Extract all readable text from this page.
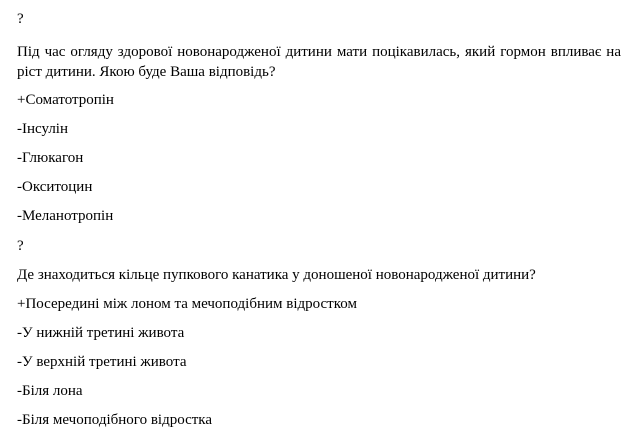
?
Під час огляду здорової новонародженої дитини мати поцікавилась, який гормон впливає на ріст дитини. Якою буде Ваша відповідь?
+Соматотропін
-Інсулін
-Глюкагон
-Окситоцин
-Меланотропін
?
Де знаходиться кільце пупкового канатика у доношеної новонародженої дитини?
+Посередині між лоном та мечоподібним відростком
-У нижній третині живота
-У верхній третині живота
-Біля лона
-Біля мечоподібного відростка
